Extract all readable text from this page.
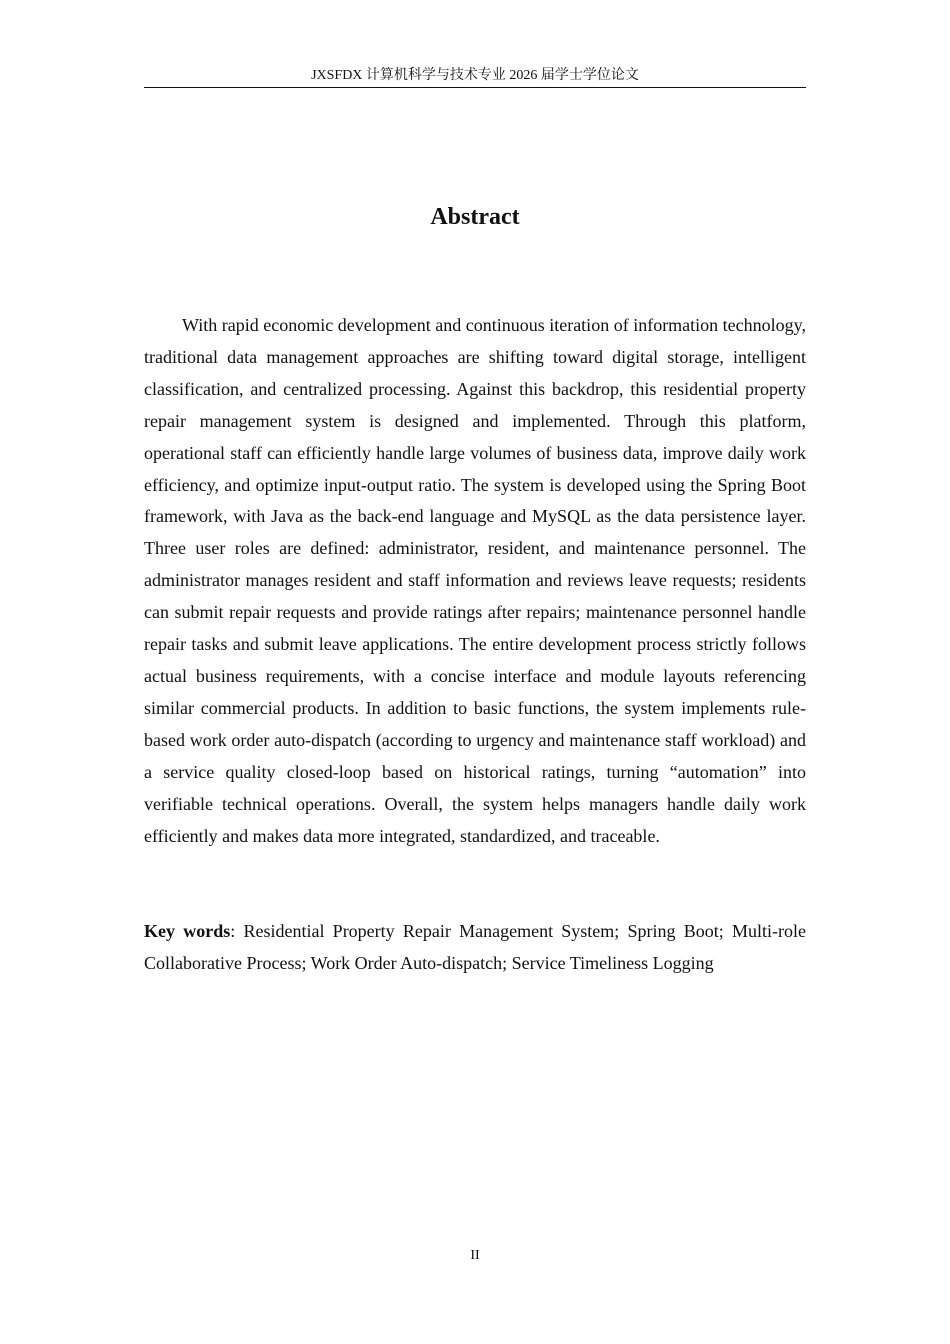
JXSFDX 计算机科学与技术专业 2026 届学士学位论文
Abstract

With rapid economic development and continuous iteration of information technology, traditional data management approaches are shifting toward digital storage, intelligent classification, and centralized processing. Against this backdrop, this residential property repair management system is designed and implemented. Through this platform, operational staff can efficiently handle large volumes of business data, improve daily work efficiency, and optimize input-output ratio. The system is developed using the Spring Boot framework, with Java as the back-end language and MySQL as the data persistence layer. Three user roles are defined: administrator, resident, and maintenance personnel. The administrator manages resident and staff information and reviews leave requests; residents can submit repair requests and provide ratings after repairs; maintenance personnel handle repair tasks and submit leave applications. The entire development process strictly follows actual business requirements, with a concise interface and module layouts referencing similar commercial products. In addition to basic functions, the system implements rule-based work order auto-dispatch (according to urgency and maintenance staff workload) and a service quality closed-loop based on historical ratings, turning “automation” into verifiable technical operations. Overall, the system helps managers handle daily work efficiently and makes data more integrated, standardized, and traceable.

Key words: Residential Property Repair Management System; Spring Boot; Multi-role Collaborative Process; Work Order Auto-dispatch; Service Timeliness Logging

II
